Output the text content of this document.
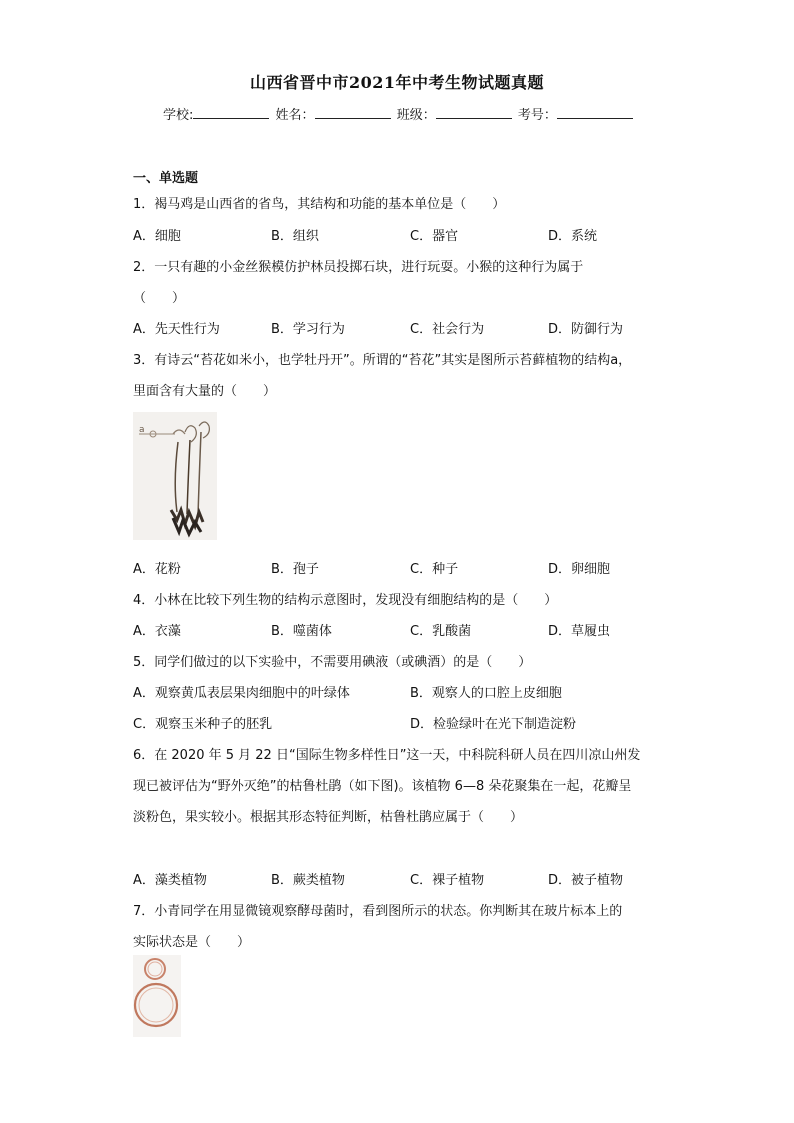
山西省晋中市2021年中考生物试题真题
学校:	姓名：	班级：	考号：
一、单选题
1．褐马鸡是山西省的省鸟，其结构和功能的基本单位是（　　）
A．细胞	B．组织	C．器官	D．系统
2．一只有趣的小金丝猴模仿护林员投掷石块，进行玩耍。小猴的这种行为属于
（　　）
A．先天性行为	B．学习行为	C．社会行为	D．防御行为
3．有诗云“苔花如米小，也学牡丹开”。所谓的“苔花”其实是图所示苔藓植物的结构a，
里面含有大量的（　　）
a
A．花粉	B．孢子	C．种子	D．卵细胞
4．小林在比较下列生物的结构示意图时，发现没有细胞结构的是（　　）
A．衣藻	B．噬菌体	C．乳酸菌	D．草履虫
5．同学们做过的以下实验中，不需要用碘液（或碘酒）的是（　　）
A．观察黄瓜表层果肉细胞中的叶绿体	B．观察人的口腔上皮细胞
C．观察玉米种子的胚乳	D．检验绿叶在光下制造淀粉
6．在 2020 年 5 月 22 日“国际生物多样性日”这一天，中科院科研人员在四川凉山州发
现已被评估为“野外灭绝”的枯鲁杜鹃（如下图)。该植物 6—8 朵花聚集在一起，花瓣呈
淡粉色，果实较小。根据其形态特征判断，枯鲁杜鹃应属于（　　）
A．藻类植物	B．蕨类植物	C．裸子植物	D．被子植物
7．小青同学在用显微镜观察酵母菌时，看到图所示的状态。你判断其在玻片标本上的
实际状态是（　　）
